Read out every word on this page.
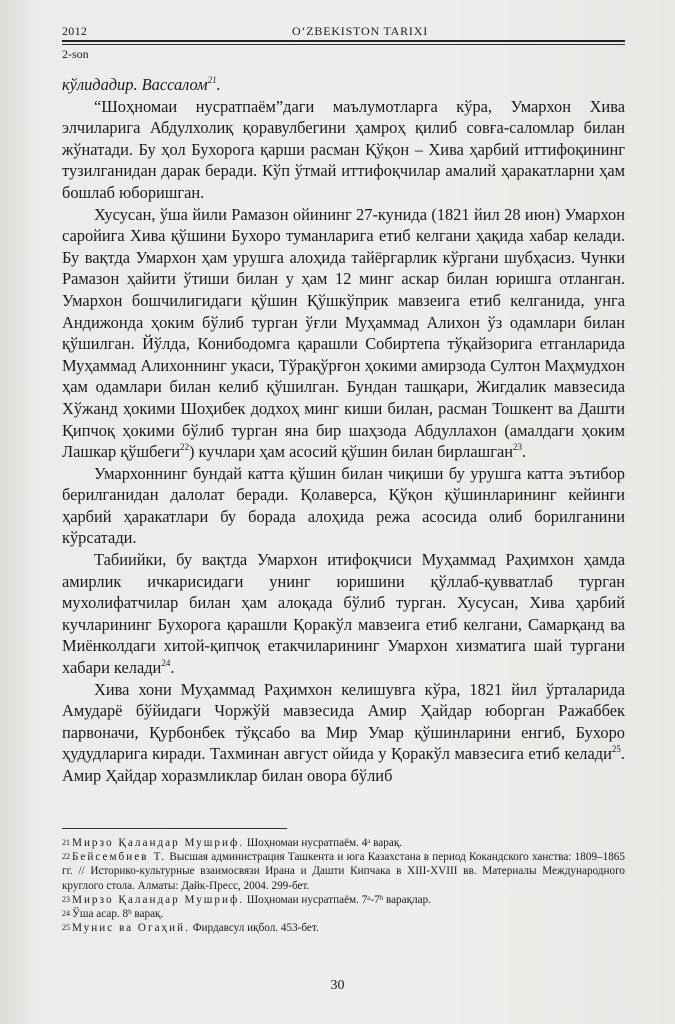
2012	O‘ZBEKISTON TARIXI
2-son

кўлидадир. Вассалом$^{21}$.

“Шоҳномаи нусратпаём”даги маълумотларга кўра, Умархон Хива элчиларига Абдулхолиқ қоравулбегини ҳамроҳ қилиб совға-саломлар билан жўнатади. Бу ҳол Бухорога қарши расман Қўқон – Хива ҳарбий иттифоқининг тузилганидан дарак беради. Кўп ўтмай иттифоқчилар амалий ҳаракатларни ҳам бошлаб юборишган.

Хусусан, ўша йили Рамазон ойининг 27-кунида (1821 йил 28 июн) Умархон саройига Хива қўшини Бухоро туманларига етиб келгани ҳақида хабар келади. Бу вақтда Умархон ҳам урушга алоҳида тайёргарлик кўргани шубҳасиз. Чунки Рамазон ҳайити ўтиши билан у ҳам 12 минг аскар билан юришга отланган. Умархон бошчилигидаги қўшин Қўшкўприк мавзеига етиб келганида, унга Андижонда ҳоким бўлиб турган ўғли Муҳаммад Алихон ўз одамлари билан қўшилган. Йўлда, Конибодомга қарашли Собиртепа тўқайзорига етганларида Муҳаммад Алихоннинг укаси, Тўрақўрғон ҳокими амирзода Султон Маҳмудхон ҳам одамлари билан келиб қўшилган. Бундан ташқари, Жигдалик мавзесида Хўжанд ҳокими Шоҳибек додхоҳ минг киши билан, расман Тошкент ва Дашти Қипчоқ ҳокими бўлиб турган яна бир шаҳзода Абдуллахон (амалдаги ҳоким Лашкар қўшбеги$^{22}$) кучлари ҳам асосий қўшин билан бирлашган$^{23}$.

Умархоннинг бундай катта қўшин билан чиқиши бу урушга катта эътибор берилганидан далолат беради. Қолаверса, Қўқон қўшинларининг кейинги ҳарбий ҳаракатлари бу борада алоҳида режа асосида олиб борилганини кўрсатади.

Табиийки, бу вақтда Умархон итифоқчиси Муҳаммад Раҳимхон ҳамда амирлик ичкарисидаги унинг юришини қўллаб-қувватлаб турган мухолифатчилар билан ҳам алоқада бўлиб турган. Хусусан, Хива ҳарбий кучларининг Бухорога қарашли Қоракўл мавзеига етиб келгани, Самарқанд ва Миёнколдаги хитой-қипчоқ етакчиларининг Умархон хизматига шай тургани хабари келади$^{24}$.

Хива хони Муҳаммад Раҳимхон келишувга кўра, 1821 йил ўрталарида Амударё бўйидаги Чоржўй мавзесида Амир Ҳайдар юборган Ражаббек парвоначи, Қурбонбек тўқсабо ва Мир Умар қўшинларини енгиб, Бухоро ҳудудларига киради. Тахминан август ойида у Қоракўл мавзесига етиб келади$^{25}$. Амир Ҳайдар хоразмликлар билан овора бўлиб

$^{21}$ Мирзо Қаландар Мушриф. Шоҳномаи нусратпаём. 4ᵃ варақ.

$^{22}$ Бейсембиев Т. Высшая администрация Ташкента и юга Казахстана в период Кокандского ханства: 1809–1865 гг. // Историко-культурные взаимосвязи Ирана и Дашти Кипчака в XIII-XVIII вв. Материалы Международного круглого стола. Алматы: Дайк-Пресс, 2004. 299-бет.

$^{23}$ Мирзо Қаландар Мушриф. Шоҳномаи нусратпаём. 7ᵃ-7ᵇ варақлар.

$^{24}$ Ўша асар. 8ᵇ варақ.

$^{25}$ Мунис ва Огаҳий. Фирдавсул иқбол. 453-бет.

30
